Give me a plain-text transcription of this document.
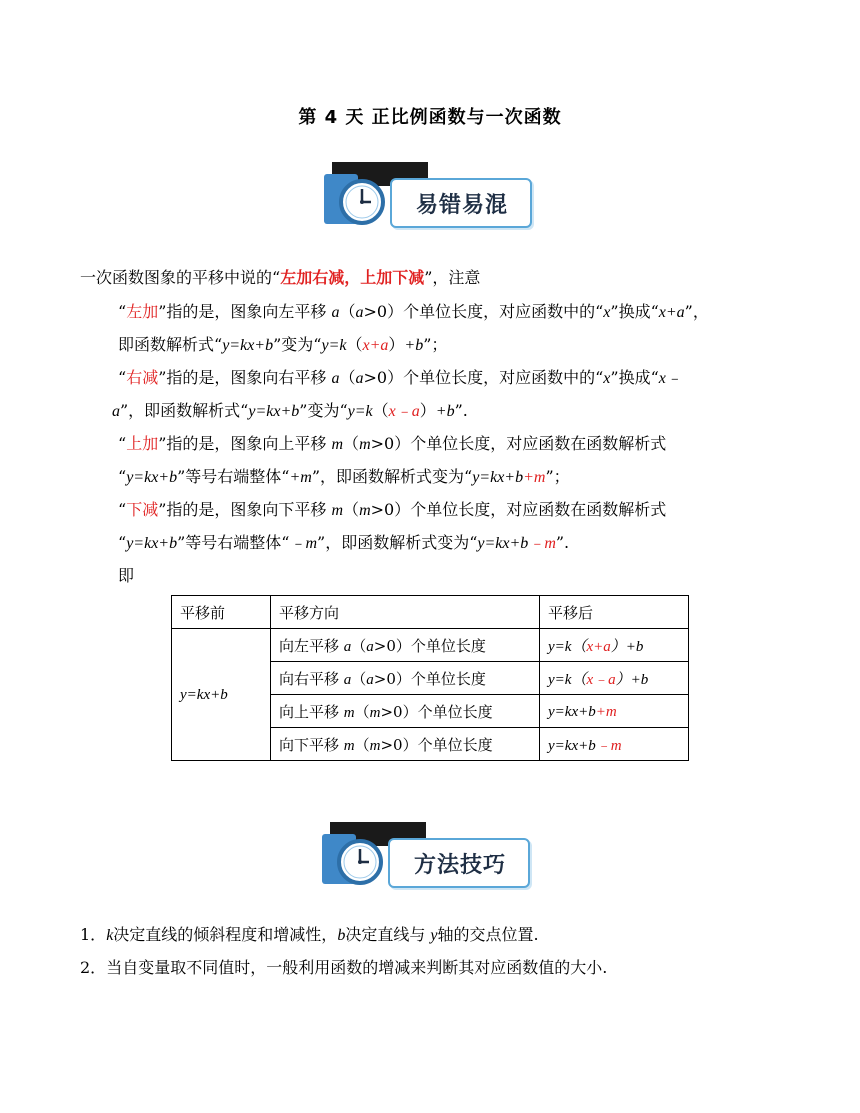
第 4 天 正比例函数与一次函数
易错易混
一次函数图象的平移中说的“左加右减，上加下减”，注意
“左加”指的是，图象向左平移 a（a>0）个单位长度，对应函数中的“x”换成“x+a”，
即函数解析式“y=kx+b”变为“y=k（x+a）+b”；
“右减”指的是，图象向右平移 a（a>0）个单位长度，对应函数中的“x”换成“x﹣
a”，即函数解析式“y=kx+b”变为“y=k（x﹣a）+b”.
“上加”指的是，图象向上平移 m（m>0）个单位长度，对应函数在函数解析式
“y=kx+b”等号右端整体“+m”，即函数解析式变为“y=kx+b+m”；
“下减”指的是，图象向下平移 m（m>0）个单位长度，对应函数在函数解析式
“y=kx+b”等号右端整体“﹣m”，即函数解析式变为“y=kx+b﹣m”.
即
平移前	平移方向	平移后
y=kx+b	向左平移 a（a>0）个单位长度	y=k（x+a）+b
	向右平移 a（a>0）个单位长度	y=k（x﹣a）+b
	向上平移 m（m>0）个单位长度	y=kx+b+m
	向下平移 m（m>0）个单位长度	y=kx+b﹣m
方法技巧
1．k决定直线的倾斜程度和增减性，b决定直线与 y轴的交点位置.
2．当自变量取不同值时，一般利用函数的增减来判断其对应函数值的大小.
